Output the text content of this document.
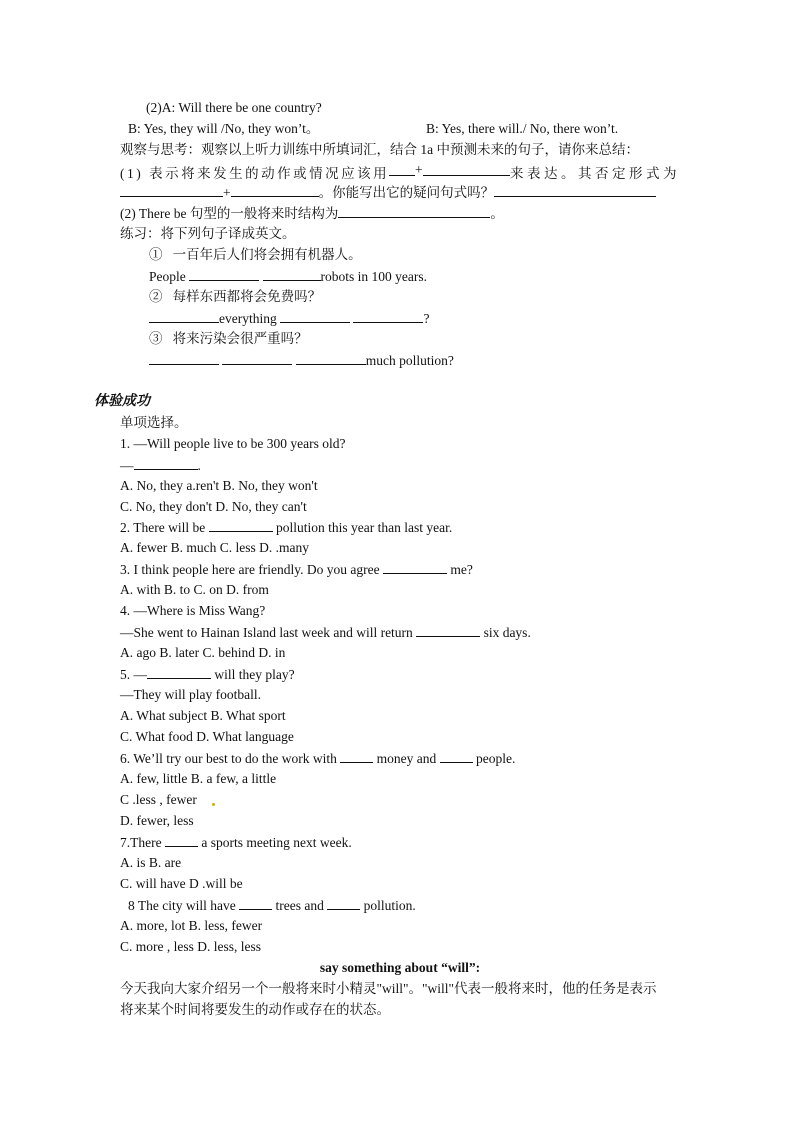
(2)A: Will there be one country?
B: Yes, they will /No, they won’t。	B: Yes, there will./ No, there won’t.
观察与思考：观察以上听力训练中所填词汇，结合 1a 中预测未来的句子，请你来总结：
(1) 表示将来发生的动作或情况应该用 +	来表达。其否定形式为
+	。你能写出它的疑问句式吗？
(2) There be 句型的一般将来时结构为	。
练习：将下列句子译成英文。
① 一百年后人们将会拥有机器人。
People	robots in 100 years.
② 每样东西都将会免费吗？
everything	?
③ 将来污染会很严重吗？
much pollution?
体验成功
单项选择。
1. —Will people live to be 300 years old?
—	.
A. No, they a.ren't B. No, they won't
C. No, they don't D. No, they can't
2. There will be	pollution this year than last year.
A. fewer B. much C. less D. .many
3. I think people here are friendly. Do you agree	me?
A. with B. to C. on D. from
4. —Where is Miss Wang?
—She went to Hainan Island last week and will return	six days.
A. ago B. later C. behind D. in
5. —	will they play?
—They will play football.
A. What subject B. What sport
C. What food D. What language
6. We’ll try our best to do the work with	money and	people.
A. few, little B. a few, a little
C .less , fewer
D. fewer, less
7.There	a sports meeting next week.
A. is B. are
C. will have D .will be
8 The city will have	trees and	pollution.
A. more, lot B. less, fewer
C. more , less D. less, less
say something about “will”:
今天我向大家介绍另一个一般将来时小精灵"will"。"will"代表一般将来时，他的任务是表示
将来某个时间将要发生的动作或存在的状态。
